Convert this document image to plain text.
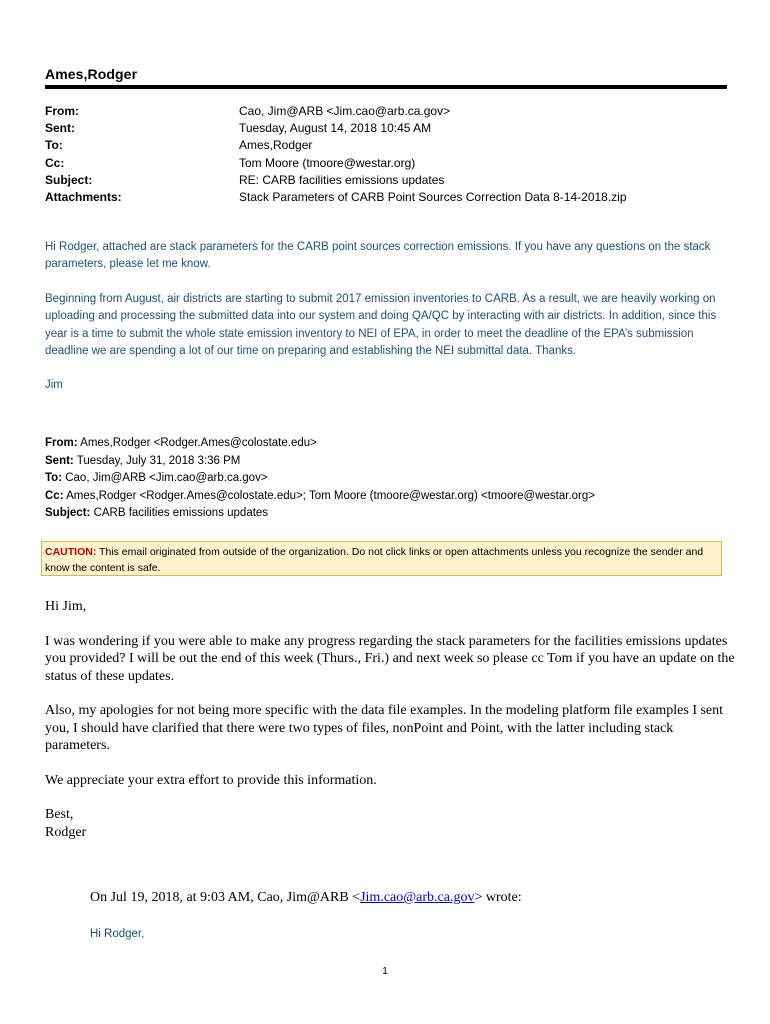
Ames,Rodger
From:	Cao, Jim@ARB <Jim.cao@arb.ca.gov>
Sent:	Tuesday, August 14, 2018 10:45 AM
To:	Ames,Rodger
Cc:	Tom Moore (tmoore@westar.org)
Subject:	RE: CARB facilities emissions updates
Attachments:	Stack Parameters of CARB Point Sources Correction Data 8-14-2018.zip

Hi Rodger, attached are stack parameters for the CARB point sources correction emissions. If you have any questions on the stack parameters, please let me know.

Beginning from August, air districts are starting to submit 2017 emission inventories to CARB. As a result, we are heavily working on uploading and processing the submitted data into our system and doing QA/QC by interacting with air districts. In addition, since this year is a time to submit the whole state emission inventory to NEI of EPA, in order to meet the deadline of the EPA’s submission deadline we are spending a lot of our time on preparing and establishing the NEI submittal data. Thanks.

Jim

From: Ames,Rodger <Rodger.Ames@colostate.edu>
Sent: Tuesday, July 31, 2018 3:36 PM
To: Cao, Jim@ARB <Jim.cao@arb.ca.gov>
Cc: Ames,Rodger <Rodger.Ames@colostate.edu>; Tom Moore (tmoore@westar.org) <tmoore@westar.org>
Subject: CARB facilities emissions updates
CAUTION: This email originated from outside of the organization. Do not click links or open attachments unless you recognize the sender and know the content is safe.

Hi Jim,

I was wondering if you were able to make any progress regarding the stack parameters for the facilities emissions updates you provided? I will be out the end of this week (Thurs., Fri.) and next week so please cc Tom if you have an update on the status of these updates.

Also, my apologies for not being more specific with the data file examples. In the modeling platform file examples I sent you, I should have clarified that there were two types of files, nonPoint and Point, with the latter including stack parameters.

We appreciate your extra effort to provide this information.

Best,
Rodger

On Jul 19, 2018, at 9:03 AM, Cao, Jim@ARB <Jim.cao@arb.ca.gov> wrote:
Hi Rodger,
1
